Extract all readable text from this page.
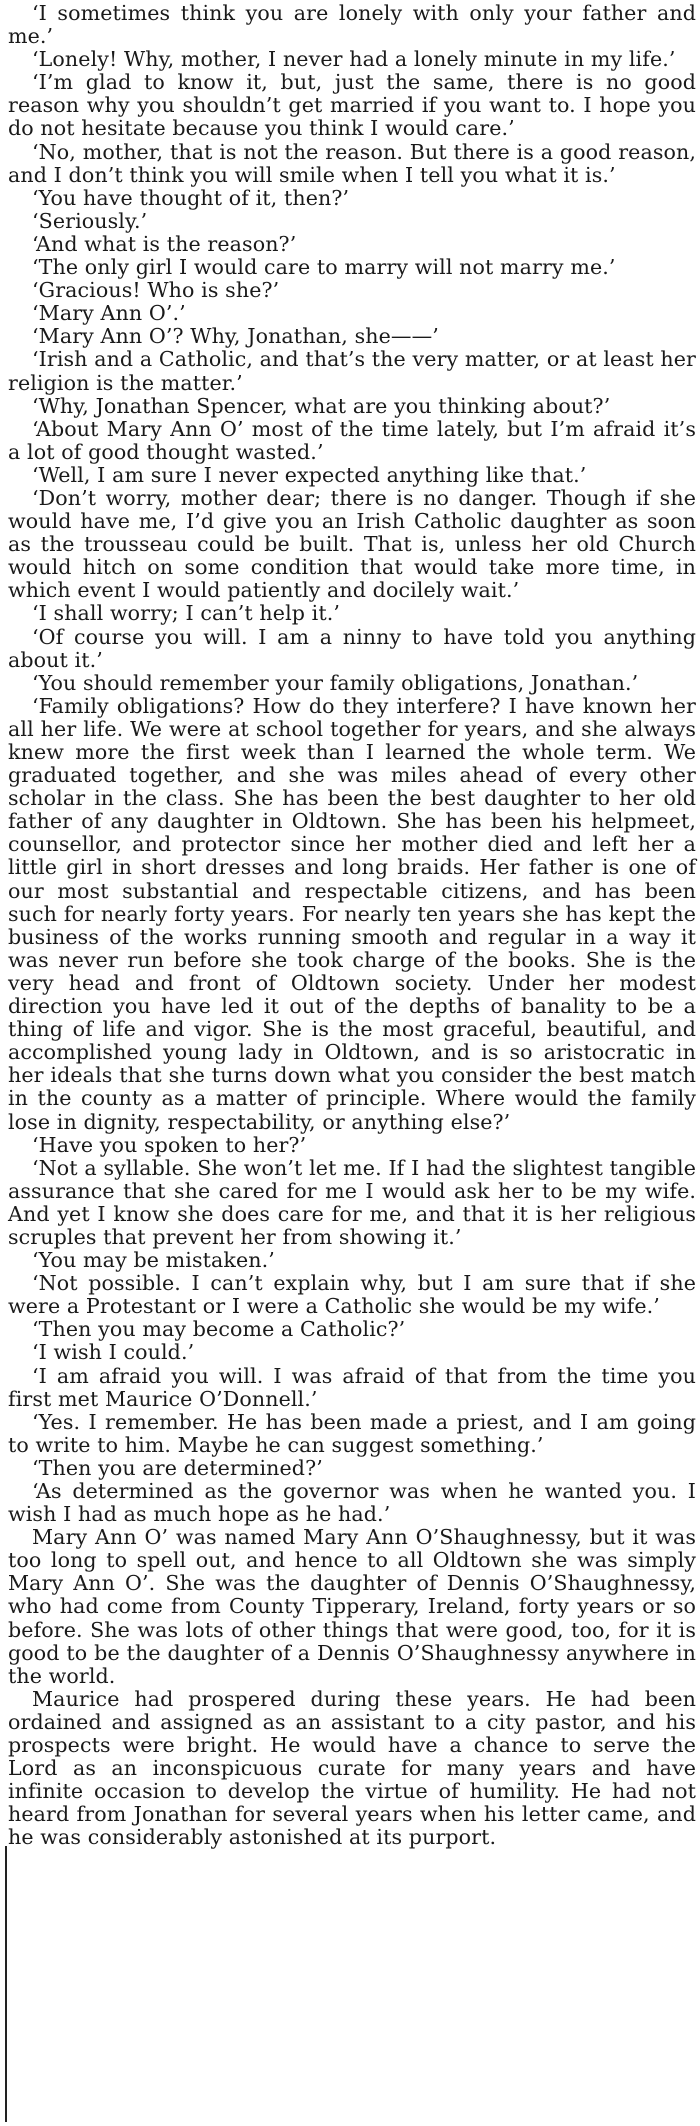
‘I sometimes think you are lonely with only your father and me.’

‘Lonely! Why, mother, I never had a lonely minute in my life.’

‘I’m glad to know it, but, just the same, there is no good reason why you shouldn’t get married if you want to. I hope you do not hesitate because you think I would care.’

‘No, mother, that is not the reason. But there is a good reason, and I don’t think you will smile when I tell you what it is.’

‘You have thought of it, then?’

‘Seriously.’

‘And what is the reason?’

‘The only girl I would care to marry will not marry me.’

‘Gracious! Who is she?’

‘Mary Ann O’.’

‘Mary Ann O’? Why, Jonathan, she——’

‘Irish and a Catholic, and that’s the very matter, or at least her religion is the matter.’

‘Why, Jonathan Spencer, what are you thinking about?’

‘About Mary Ann O’ most of the time lately, but I’m afraid it’s a lot of good thought wasted.’

‘Well, I am sure I never expected anything like that.’

‘Don’t worry, mother dear; there is no danger. Though if she would have me, I’d give you an Irish Catholic daughter as soon as the trousseau could be built. That is, unless her old Church would hitch on some condition that would take more time, in which event I would patiently and docilely wait.’

‘I shall worry; I can’t help it.’

‘Of course you will. I am a ninny to have told you anything about it.’

‘You should remember your family obligations, Jonathan.’

‘Family obligations? How do they interfere? I have known her all her life. We were at school together for years, and she always knew more the first week than I learned the whole term. We graduated together, and she was miles ahead of every other scholar in the class. She has been the best daughter to her old father of any daughter in Oldtown. She has been his helpmeet, counsellor, and protector since her mother died and left her a little girl in short dresses and long braids. Her father is one of our most substantial and respectable citizens, and has been such for nearly forty years. For nearly ten years she has kept the business of the works running smooth and regular in a way it was never run before she took charge of the books. She is the very head and front of Oldtown society. Under her modest direction you have led it out of the depths of banality to be a thing of life and vigor. She is the most graceful, beautiful, and accomplished young lady in Oldtown, and is so aristocratic in her ideals that she turns down what you consider the best match in the county as a matter of principle. Where would the family lose in dignity, respectability, or anything else?’

‘Have you spoken to her?’

‘Not a syllable. She won’t let me. If I had the slightest tangible assurance that she cared for me I would ask her to be my wife. And yet I know she does care for me, and that it is her religious scruples that prevent her from showing it.’

‘You may be mistaken.’

‘Not possible. I can’t explain why, but I am sure that if she were a Protestant or I were a Catholic she would be my wife.’

‘Then you may become a Catholic?’

‘I wish I could.’

‘I am afraid you will. I was afraid of that from the time you first met Maurice O’Donnell.’

‘Yes. I remember. He has been made a priest, and I am going to write to him. Maybe he can suggest something.’

‘Then you are determined?’

‘As determined as the governor was when he wanted you. I wish I had as much hope as he had.’

Mary Ann O’ was named Mary Ann O’Shaughnessy, but it was too long to spell out, and hence to all Oldtown she was simply Mary Ann O’. She was the daughter of Dennis O’Shaughnessy, who had come from County Tipperary, Ireland, forty years or so before. She was lots of other things that were good, too, for it is good to be the daughter of a Dennis O’Shaughnessy anywhere in the world.

Maurice had prospered during these years. He had been ordained and assigned as an assistant to a city pastor, and his prospects were bright. He would have a chance to serve the Lord as an inconspicuous curate for many years and have infinite occasion to develop the virtue of humility. He had not heard from Jonathan for several years when his letter came, and he was considerably astonished at its purport.
